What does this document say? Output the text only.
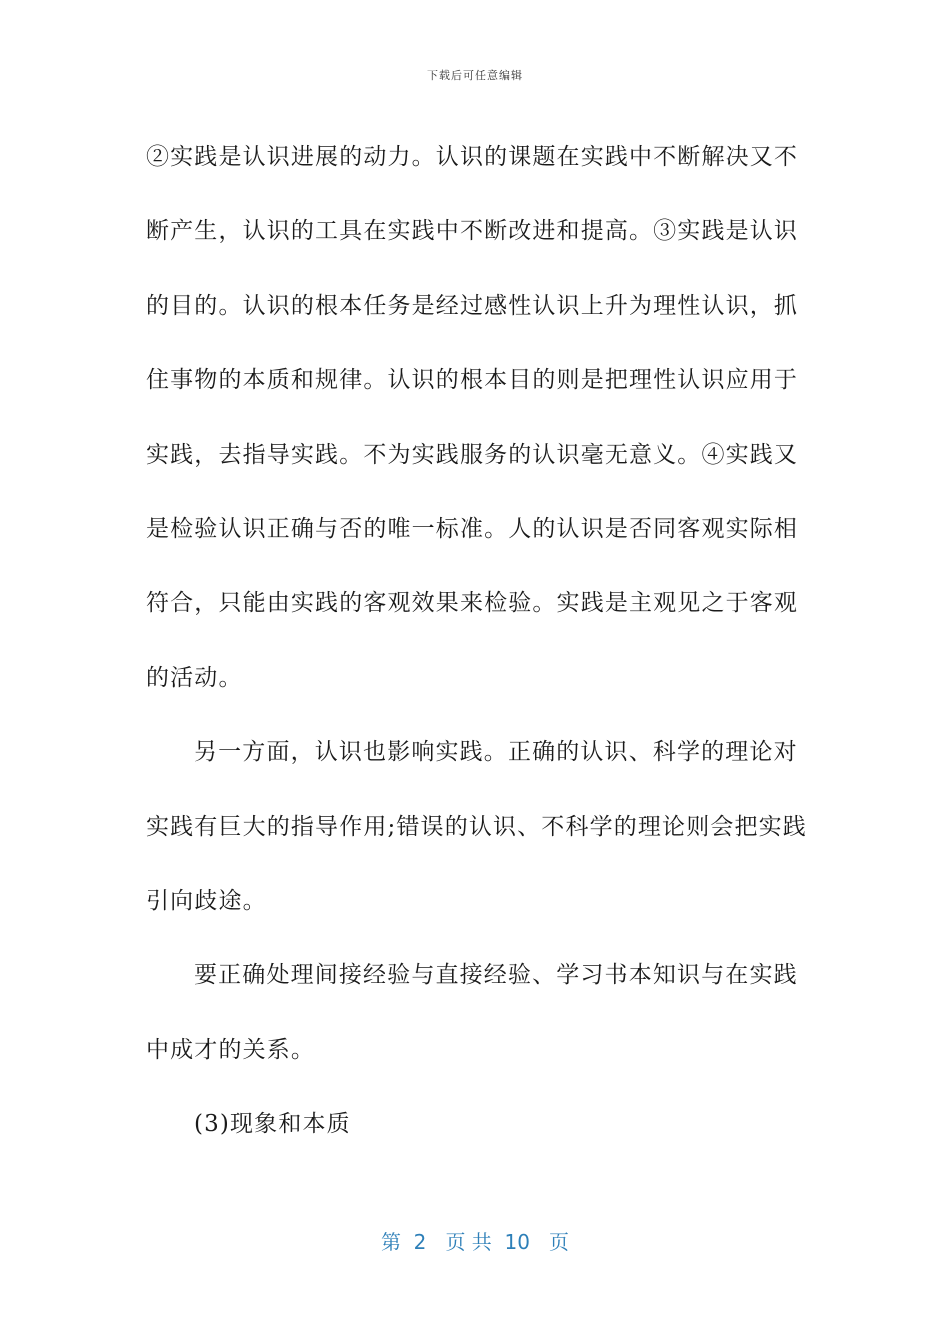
下载后可任意编辑

②实践是认识进展的动力。认识的课题在实践中不断解决又不
断产生，认识的工具在实践中不断改进和提高。③实践是认识
的目的。认识的根本任务是经过感性认识上升为理性认识，抓
住事物的本质和规律。认识的根本目的则是把理性认识应用于
实践，去指导实践。不为实践服务的认识毫无意义。④实践又
是检验认识正确与否的唯一标准。人的认识是否同客观实际相
符合，只能由实践的客观效果来检验。实践是主观见之于客观
的活动。

另一方面，认识也影响实践。正确的认识、科学的理论对
实践有巨大的指导作用;错误的认识、不科学的理论则会把实践
引向歧途。

要正确处理间接经验与直接经验、学习书本知识与在实践
中成才的关系。

(3)现象和本质

第  2   页 共  10   页
